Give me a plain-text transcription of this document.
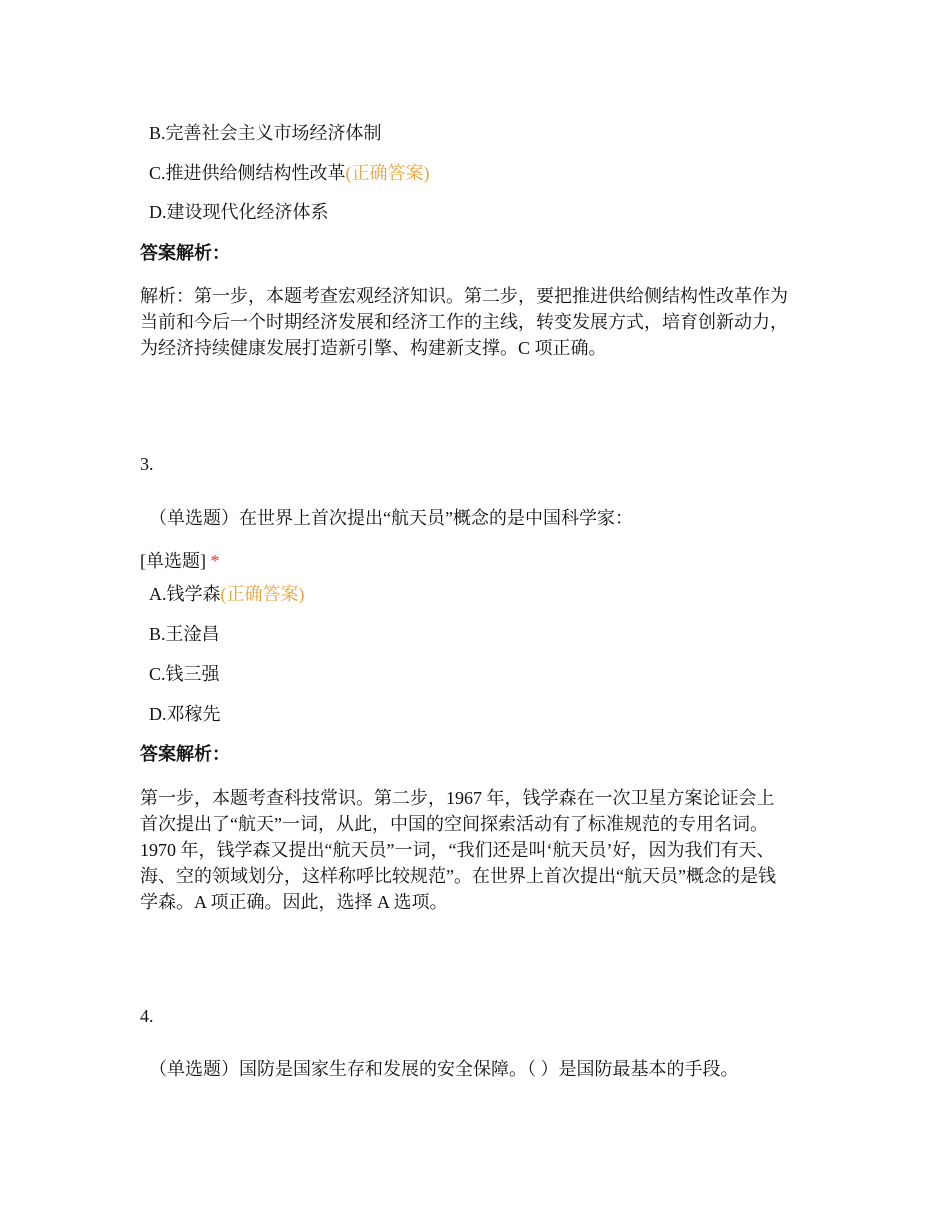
B.完善社会主义市场经济体制
C.推进供给侧结构性改革(正确答案)
D.建设现代化经济体系
答案解析：

解析：第一步，本题考查宏观经济知识。第二步，要把推进供给侧结构性改革作为

当前和今后一个时期经济发展和经济工作的主线，转变发展方式，培育创新动力，

为经济持续健康发展打造新引擎、构建新支撑。C 项正确。

3.
（单选题）在世界上首次提出“航天员”概念的是中国科学家：
[单选题] *
A.钱学森(正确答案)
B.王淦昌
C.钱三强
D.邓稼先
答案解析：

第一步，本题考查科技常识。第二步，1967 年，钱学森在一次卫星方案论证会上

首次提出了“航天”一词，从此，中国的空间探索活动有了标准规范的专用名词。

1970 年，钱学森又提出“航天员”一词，“我们还是叫‘航天员’好，因为我们有天、

海、空的领域划分，这样称呼比较规范”。在世界上首次提出“航天员”概念的是钱

学森。A 项正确。因此，选择 A 选项。

4.
（单选题）国防是国家生存和发展的安全保障。（ ）是国防最基本的手段。
